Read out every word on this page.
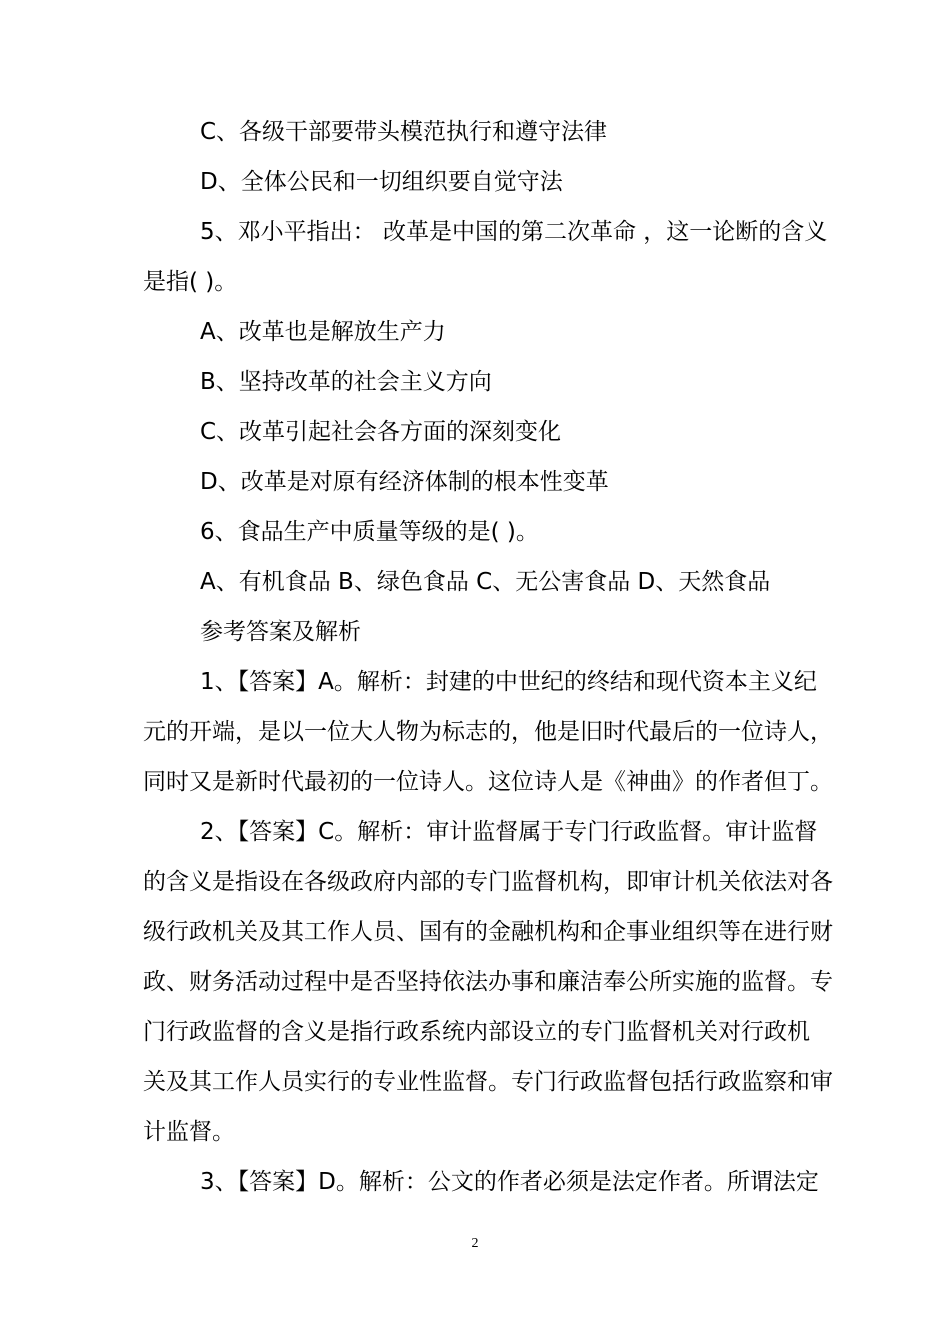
C、各级干部要带头模范执行和遵守法律
D、全体公民和一切组织要自觉守法
5、邓小平指出： 改革是中国的第二次革命 ，这一论断的含义
是指( )。
A、改革也是解放生产力
B、坚持改革的社会主义方向
C、改革引起社会各方面的深刻变化
D、改革是对原有经济体制的根本性变革
6、食品生产中质量等级的是( )。
A、有机食品 B、绿色食品 C、无公害食品 D、天然食品
参考答案及解析
1、【答案】A。解析：封建的中世纪的终结和现代资本主义纪
元的开端，是以一位大人物为标志的，他是旧时代最后的一位诗人，
同时又是新时代最初的一位诗人。这位诗人是《神曲》的作者但丁。
2、【答案】C。解析：审计监督属于专门行政监督。审计监督
的含义是指设在各级政府内部的专门监督机构，即审计机关依法对各
级行政机关及其工作人员、国有的金融机构和企事业组织等在进行财
政、财务活动过程中是否坚持依法办事和廉洁奉公所实施的监督。专
门行政监督的含义是指行政系统内部设立的专门监督机关对行政机
关及其工作人员实行的专业性监督。专门行政监督包括行政监察和审
计监督。
3、【答案】D。解析：公文的作者必须是法定作者。所谓法定
2
